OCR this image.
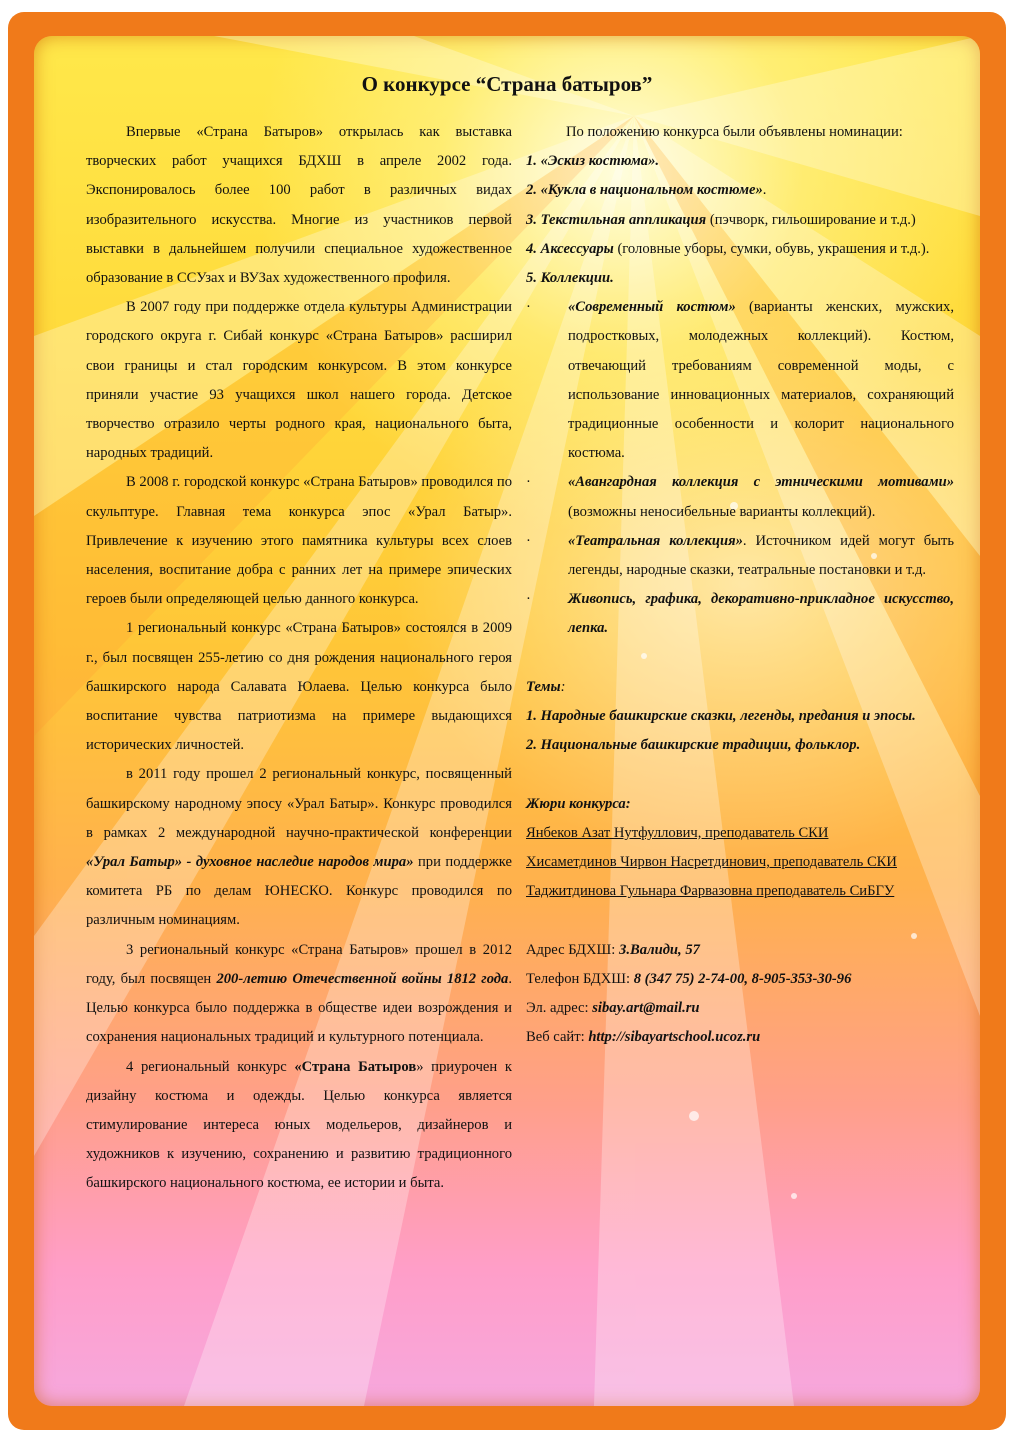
О конкурсе “Страна батыров”

Впервые «Страна Батыров» открылась как выставка творческих работ учащихся БДХШ в апреле 2002 года. Экспонировалось более 100 работ в различных видах изобразительного искусства. Многие из участников первой выставки в дальнейшем получили специальное художественное образование в ССУзах и ВУЗах художественного профиля.

В 2007 году при поддержке отдела культуры Администрации городского округа г. Сибай конкурс «Страна Батыров» расширил свои границы и стал городским конкурсом. В этом конкурсе приняли участие 93 учащихся школ нашего города. Детское творчество отразило черты родного края, национального быта, народных традиций.

В 2008 г. городской конкурс «Страна Батыров» проводился по скульптуре. Главная тема конкурса эпос «Урал Батыр». Привлечение к изучению этого памятника культуры всех слоев населения, воспитание добра с ранних лет на примере эпических героев были определяющей целью данного конкурса.

1 региональный конкурс «Страна Батыров» состоялся в 2009 г., был посвящен 255-летию со дня рождения национального героя башкирского народа Салавата Юлаева. Целью конкурса было воспитание чувства патриотизма на примере выдающихся исторических личностей.

в 2011 году прошел 2 региональный конкурс, посвященный башкирскому народному эпосу «Урал Батыр». Конкурс проводился в рамках 2 международной научно-практической конференции «Урал Батыр» - духовное наследие народов мира» при поддержке комитета РБ по делам ЮНЕСКО. Конкурс проводился по различным номинациям.

3 региональный конкурс «Страна Батыров» прошел в 2012 году, был посвящен 200-летию Отечественной войны 1812 года. Целью конкурса было поддержка в обществе идеи возрождения и сохранения национальных традиций и культурного потенциала.

4 региональный конкурс «Страна Батыров» приурочен к дизайну костюма и одежды. Целью конкурса является стимулирование интереса юных модельеров, дизайнеров и художников к изучению, сохранению и развитию традиционного башкирского национального костюма, ее истории и быта.

По положению конкурса были объявлены номинации:

1. «Эскиз костюма».

2. «Кукла в национальном костюме».

3. Текстильная аппликация (пэчворк, гильоширование и т.д.)

4. Аксессуары (головные уборы, сумки, обувь, украшения и т.д.).

5. Коллекции.

·	«Современный костюм» (варианты женских, мужских, подростковых, молодежных коллекций). Костюм, отвечающий требованиям современной моды, с использование инновационных материалов, сохраняющий традиционные особенности и колорит национального костюма.

·	«Авангардная коллекция с этническими мотивами» (возможны неносибельные варианты коллекций).

·	«Театральная коллекция». Источником идей могут быть легенды, народные сказки, театральные постановки и т.д.

·	Живопись, графика, декоративно-прикладное искусство, лепка.

Темы:

1. Народные башкирские сказки, легенды, предания и эпосы.

2. Национальные башкирские традиции, фольклор.

Жюри конкурса:

Янбеков Азат Нутфуллович, преподаватель СКИ

Хисаметдинов Чирвон Насретдинович, преподаватель СКИ

Таджитдинова Гульнара Фарвазовна преподаватель СиБГУ

Адрес БДХШ: З.Валиди, 57

Телефон БДХШ: 8 (347 75) 2-74-00, 8-905-353-30-96

Эл. адрес: sibay.art@mail.ru

Веб сайт: http://sibayartschool.ucoz.ru
